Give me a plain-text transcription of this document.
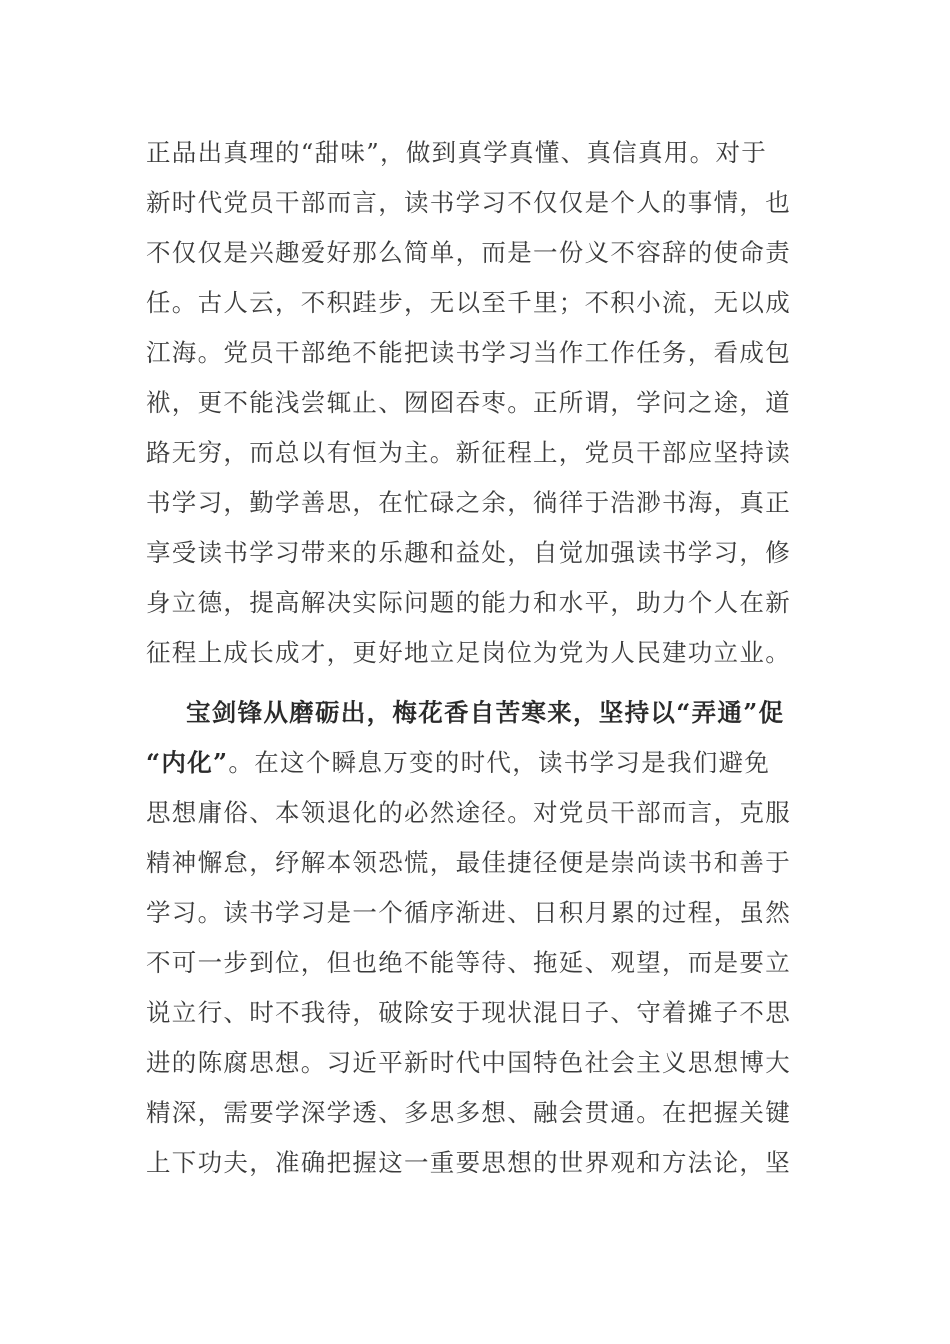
正品出真理的“甜味”，做到真学真懂、真信真用。对于
新时代党员干部而言，读书学习不仅仅是个人的事情，也
不仅仅是兴趣爱好那么简单，而是一份义不容辞的使命责
任。古人云，不积跬步，无以至千里；不积小流，无以成
江海。党员干部绝不能把读书学习当作工作任务，看成包
袱，更不能浅尝辄止、囫囵吞枣。正所谓，学问之途，道
路无穷，而总以有恒为主。新征程上，党员干部应坚持读
书学习，勤学善思，在忙碌之余，徜徉于浩渺书海，真正
享受读书学习带来的乐趣和益处，自觉加强读书学习，修
身立德，提高解决实际问题的能力和水平，助力个人在新
征程上成长成才，更好地立足岗位为党为人民建功立业。
宝剑锋从磨砺出，梅花香自苦寒来，坚持以“弄通”促
“内化”。在这个瞬息万变的时代，读书学习是我们避免
思想庸俗、本领退化的必然途径。对党员干部而言，克服
精神懈怠，纾解本领恐慌，最佳捷径便是崇尚读书和善于
学习。读书学习是一个循序渐进、日积月累的过程，虽然
不可一步到位，但也绝不能等待、拖延、观望，而是要立
说立行、时不我待，破除安于现状混日子、守着摊子不思
进的陈腐思想。习近平新时代中国特色社会主义思想博大
精深，需要学深学透、多思多想、融会贯通。在把握关键
上下功夫，准确把握这一重要思想的世界观和方法论，坚
